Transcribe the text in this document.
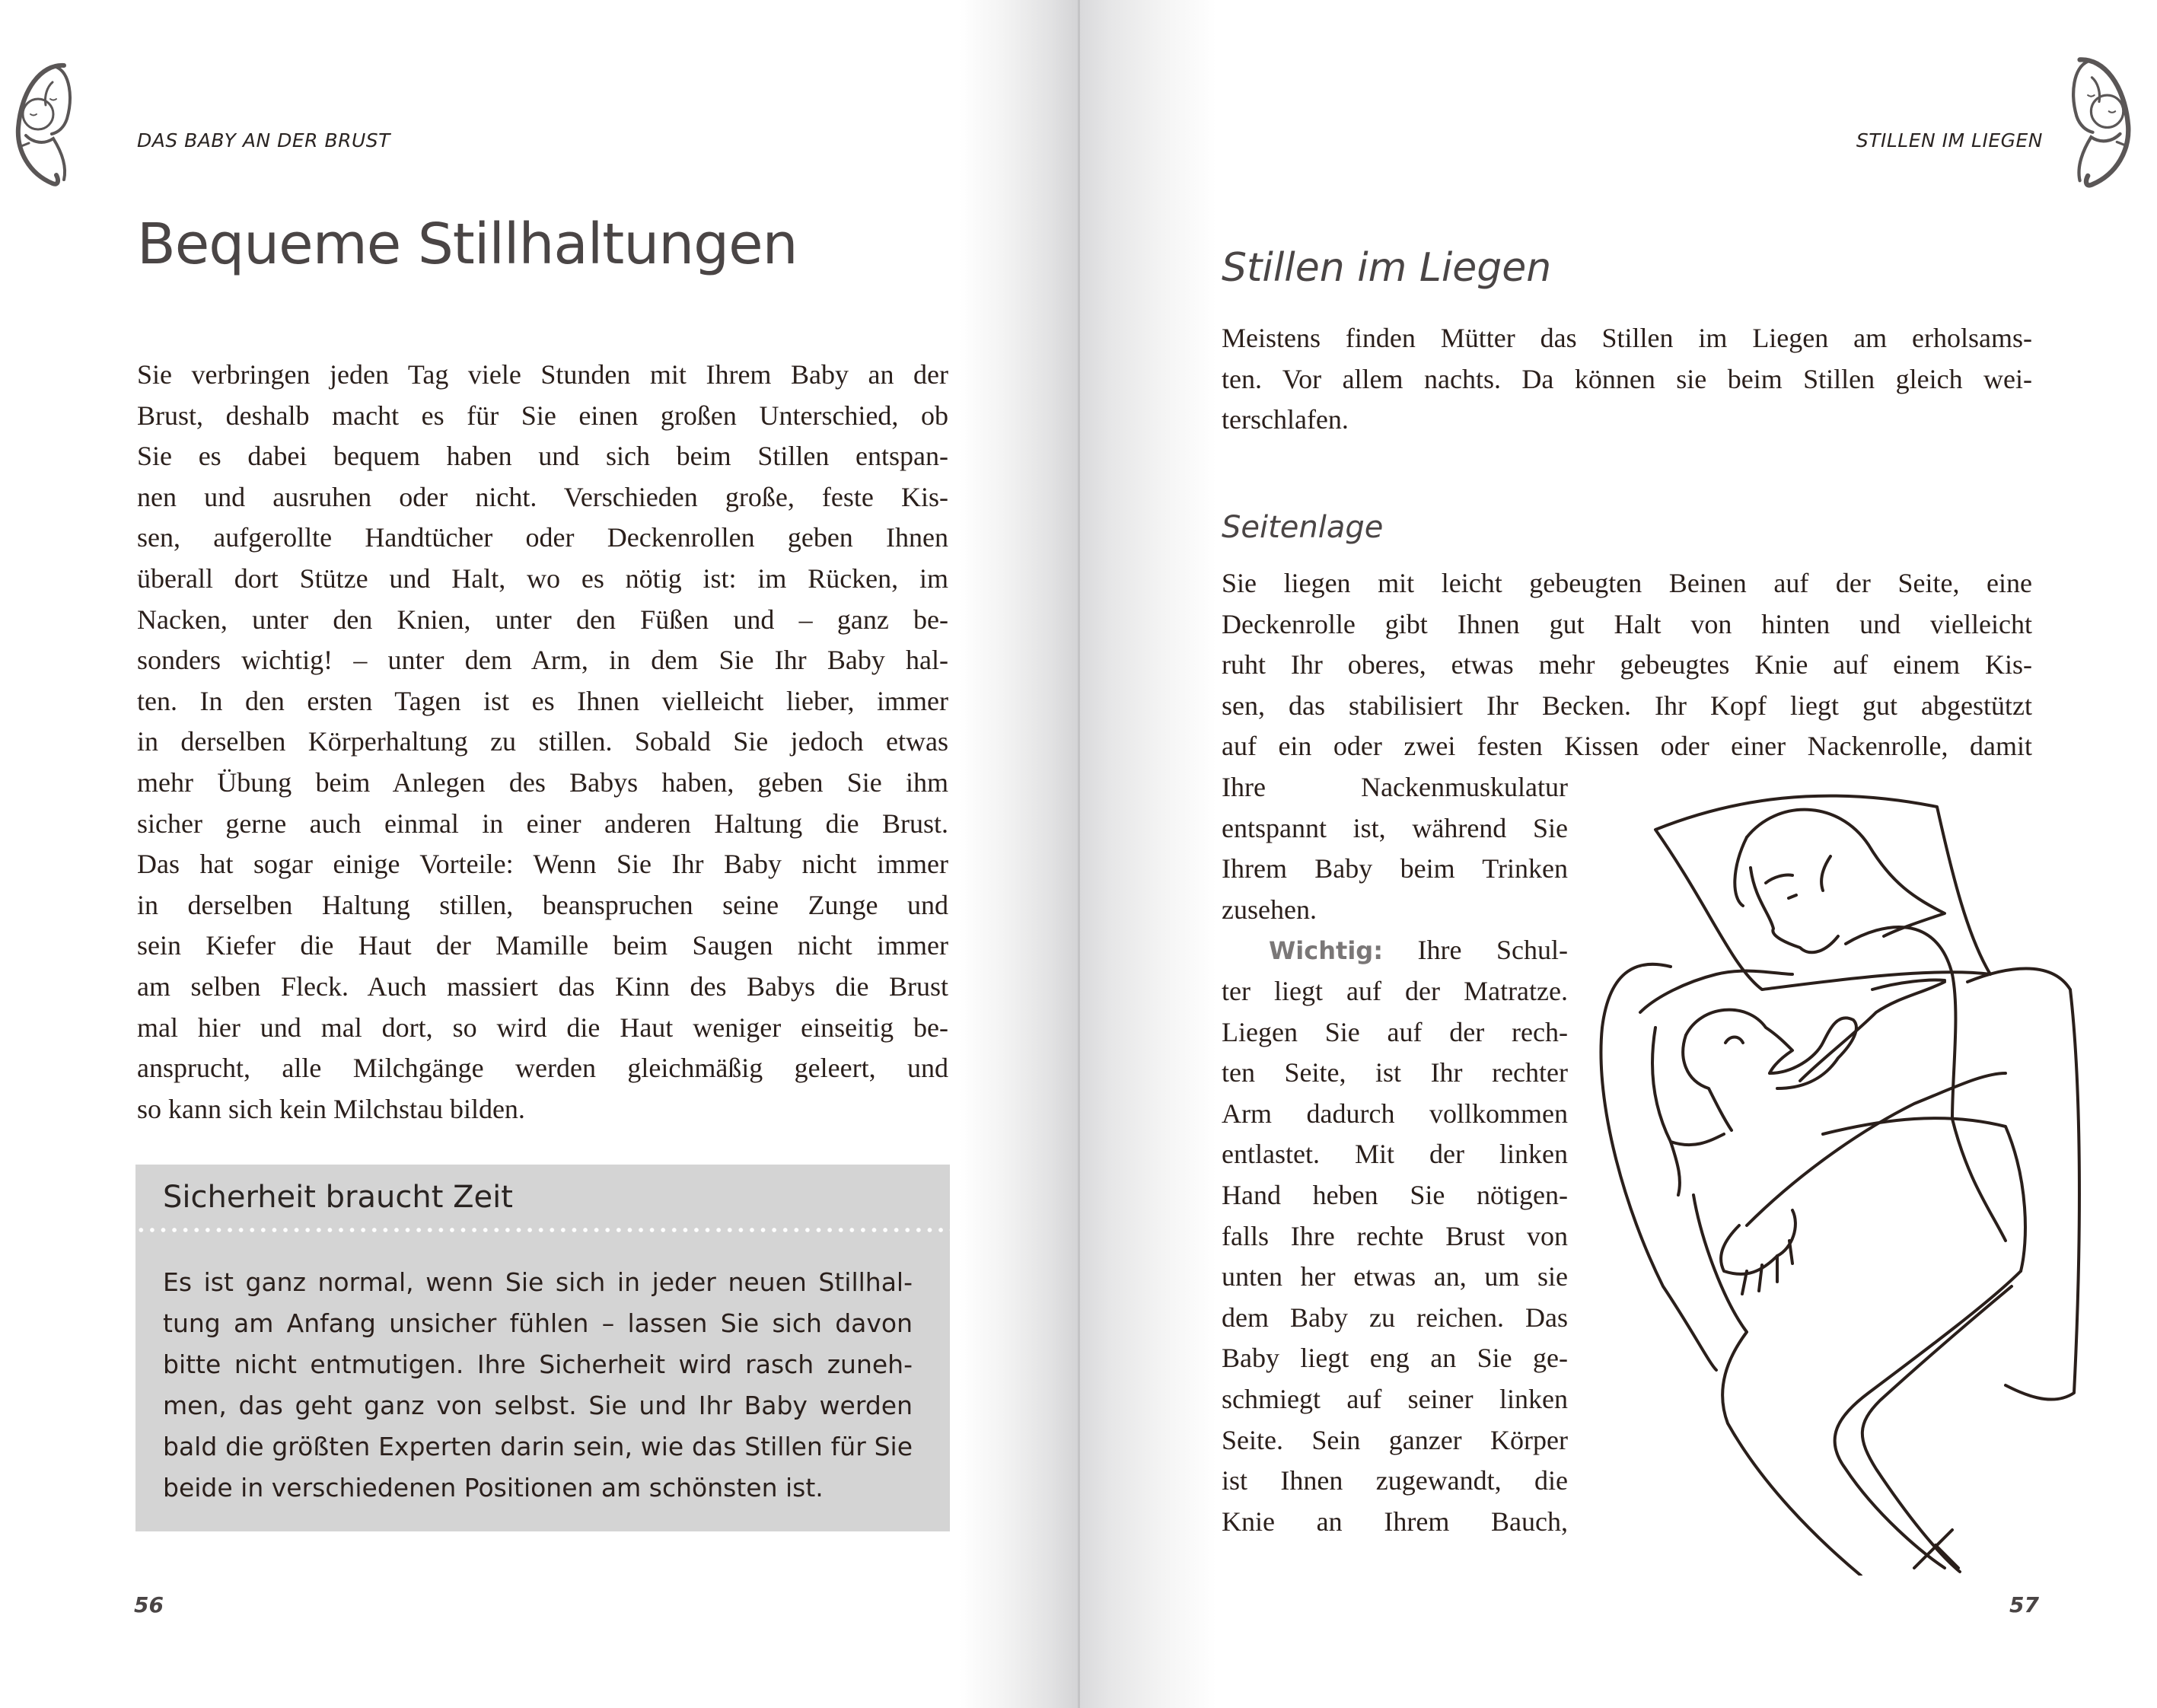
DAS BABY AN DER BRUST
Bequeme Stillhaltungen
Sie verbringen jeden Tag viele Stunden mit Ihrem Baby an der
Brust, deshalb macht es für Sie einen großen Unterschied, ob
Sie es dabei bequem haben und sich beim Stillen entspan-
nen und ausruhen oder nicht. Verschieden große, feste Kis-
sen, aufgerollte Handtücher oder Deckenrollen geben Ihnen
überall dort Stütze und Halt, wo es nötig ist: im Rücken, im
Nacken, unter den Knien, unter den Füßen und – ganz be-
sonders wichtig! – unter dem Arm, in dem Sie Ihr Baby hal-
ten. In den ersten Tagen ist es Ihnen vielleicht lieber, immer
in derselben Körperhaltung zu stillen. Sobald Sie jedoch etwas
mehr Übung beim Anlegen des Babys haben, geben Sie ihm
sicher gerne auch einmal in einer anderen Haltung die Brust.
Das hat sogar einige Vorteile: Wenn Sie Ihr Baby nicht immer
in derselben Haltung stillen, beanspruchen seine Zunge und
sein Kiefer die Haut der Mamille beim Saugen nicht immer
am selben Fleck. Auch massiert das Kinn des Babys die Brust
mal hier und mal dort, so wird die Haut weniger einseitig be-
ansprucht, alle Milchgänge werden gleichmäßig geleert, und
so kann sich kein Milchstau bilden.
Sicherheit braucht Zeit
Es ist ganz normal, wenn Sie sich in jeder neuen Stillhal-
tung am Anfang unsicher fühlen – lassen Sie sich davon
bitte nicht entmutigen. Ihre Sicherheit wird rasch zuneh-
men, das geht ganz von selbst. Sie und Ihr Baby werden
bald die größten Experten darin sein, wie das Stillen für Sie
beide in verschiedenen Positionen am schönsten ist.
56
STILLEN IM LIEGEN
57
Stillen im Liegen
Meistens finden Mütter das Stillen im Liegen am erholsams-
ten. Vor allem nachts. Da können sie beim Stillen gleich wei-
terschlafen.
Seitenlage
Sie liegen mit leicht gebeugten Beinen auf der Seite, eine
Deckenrolle gibt Ihnen gut Halt von hinten und vielleicht
ruht Ihr oberes, etwas mehr gebeugtes Knie auf einem Kis-
sen, das stabilisiert Ihr Becken. Ihr Kopf liegt gut abgestützt
auf ein oder zwei festen Kissen oder einer Nackenrolle, damit
Ihre Nackenmuskulatur
entspannt ist, während Sie
Ihrem Baby beim Trinken
zusehen.
Wichtig: Ihre Schul-
ter liegt auf der Matratze.
Liegen Sie auf der rech-
ten Seite, ist Ihr rechter
Arm dadurch vollkommen
entlastet. Mit der linken
Hand heben Sie nötigen-
falls Ihre rechte Brust von
unten her etwas an, um sie
dem Baby zu reichen. Das
Baby liegt eng an Sie ge-
schmiegt auf seiner linken
Seite. Sein ganzer Körper
ist Ihnen zugewandt, die
Knie an Ihrem Bauch,
